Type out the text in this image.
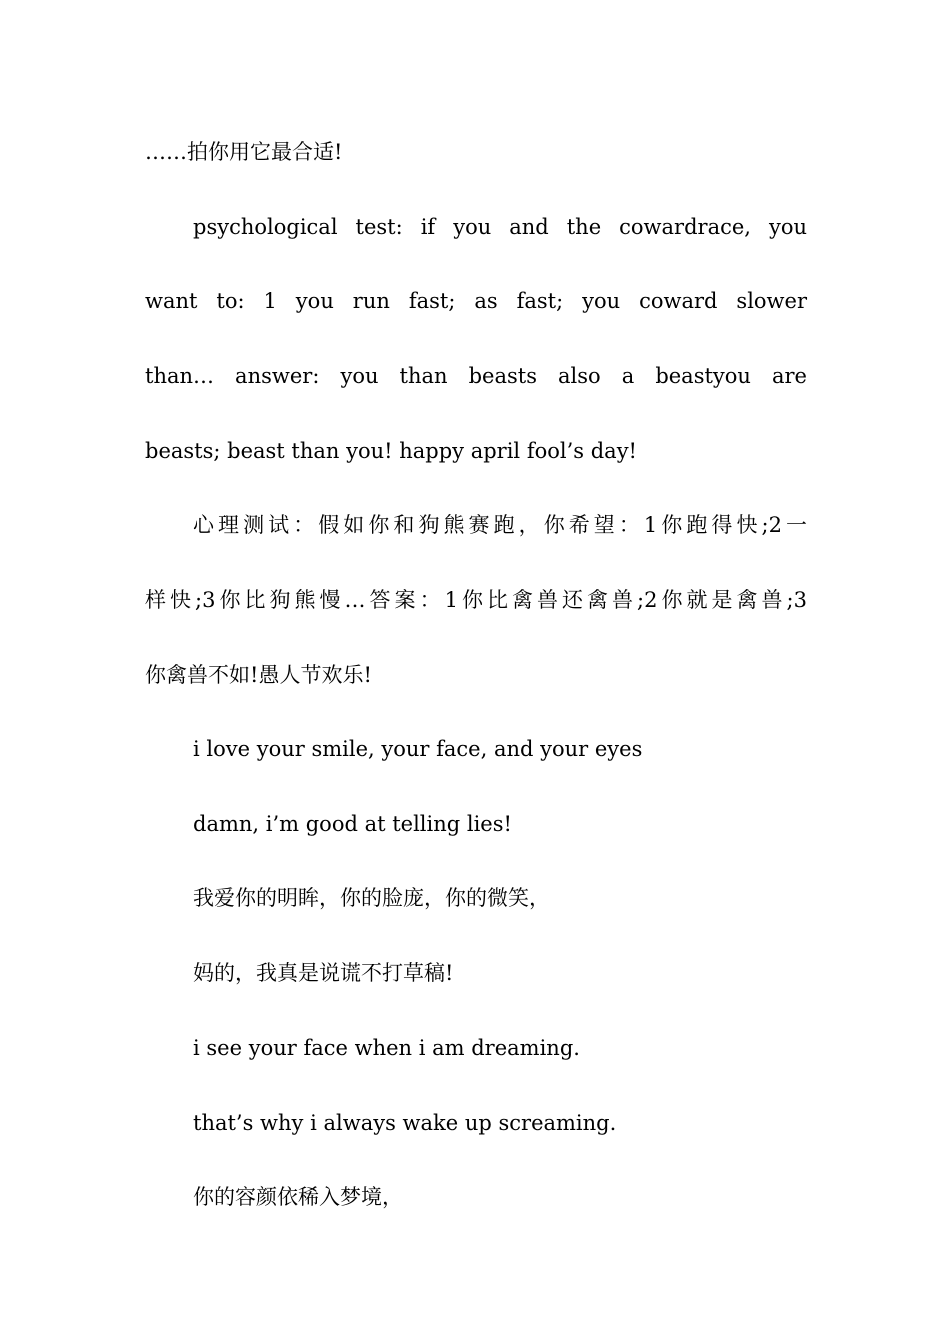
……拍你用它最合适!
psychological test: if you and the cowardrace, you
want to: 1 you run fast; as fast; you coward slower
than… answer: you than beasts also a beastyou are
beasts; beast than you! happy april fool’s day!
心理测试：假如你和狗熊赛跑，你希望：1你跑得快;2一
样快;3你比狗熊慢…答案：1你比禽兽还禽兽;2你就是禽兽;3
你禽兽不如!愚人节欢乐!
i love your smile, your face, and your eyes
damn, i’m good at telling lies!
我爱你的明眸，你的脸庞，你的微笑，
妈的，我真是说谎不打草稿!
i see your face when i am dreaming.
that’s why i always wake up screaming.
你的容颜依稀入梦境，
